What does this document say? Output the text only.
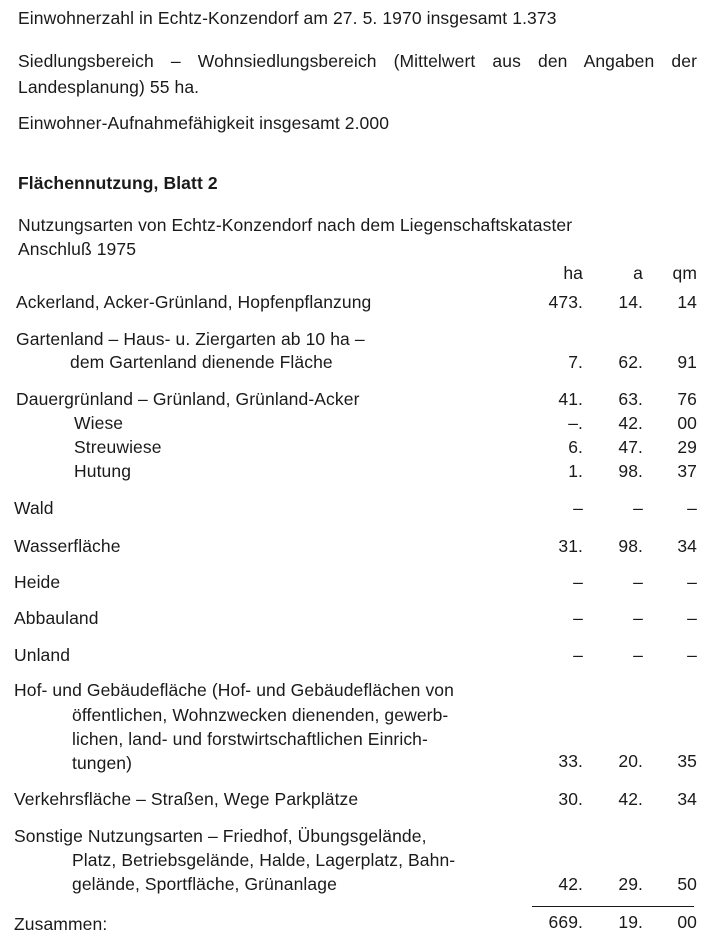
Einwohnerzahl in Echtz-Konzendorf am 27. 5. 1970 insgesamt 1.373
Siedlungsbereich – Wohnsiedlungsbereich (Mittelwert aus den Angaben der
Landesplanung) 55 ha.
Einwohner-Aufnahmefähigkeit insgesamt 2.000
Flächennutzung, Blatt 2
Nutzungsarten von Echtz-Konzendorf nach dem Liegenschaftskataster
Anschluß 1975
ha	a qm
Ackerland, Acker-Grünland, Hopfenpflanzung	473. 14. 14
Gartenland – Haus- u. Ziergarten ab 10 ha –
dem Gartenland dienende Fläche	7. 62. 91
Dauergrünland – Grünland, Grünland-Acker	41. 63. 76
Wiese	–. 42. 00
Streuwiese	6. 47. 29
Hutung	1. 98. 37
Wald	–	–	–
Wasserfläche	31. 98. 34
Heide	–	–	–
Abbauland	–	–	–
Unland	–	–	–
Hof- und Gebäudefläche (Hof- und Gebäudeflächen von
öffentlichen, Wohnzwecken dienenden, gewerb-
lichen, land- und forstwirtschaftlichen Einrich-
tungen)	33. 20. 35
Verkehrsfläche – Straßen, Wege Parkplätze	30. 42. 34
Sonstige Nutzungsarten – Friedhof, Übungsgelände,
Platz, Betriebsgelände, Halde, Lagerplatz, Bahn-
gelände, Sportfläche, Grünanlage	42. 29. 50
Zusammen:	669. 19. 00
